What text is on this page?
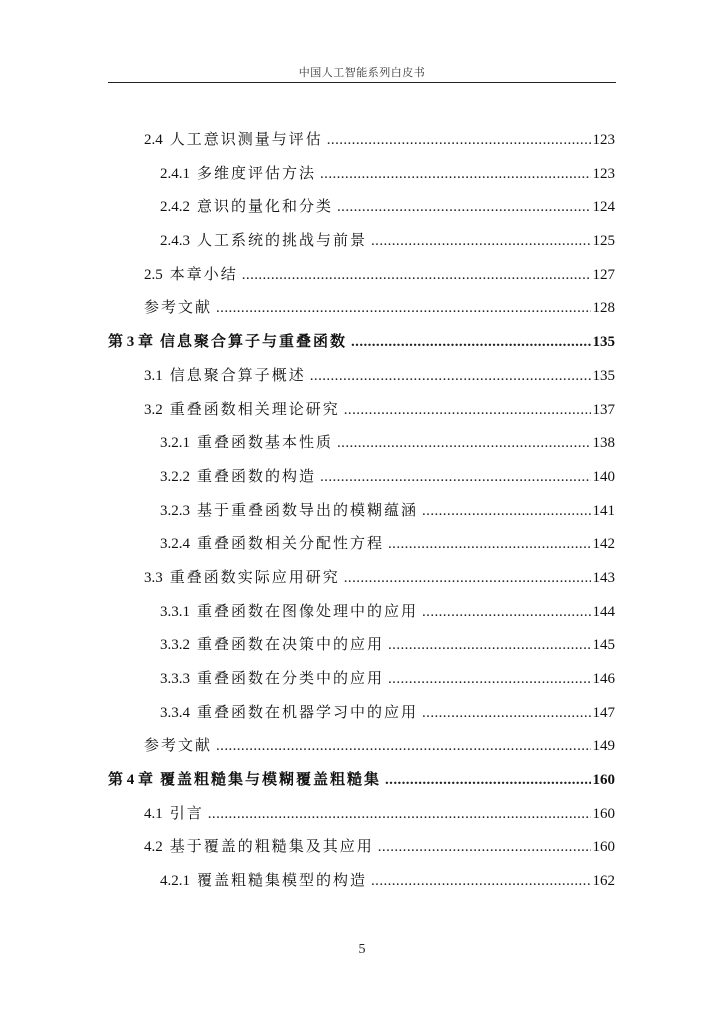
中国人工智能系列白皮书
2.4 人工意识测量与评估 .....	123
2.4.1 多维度评估方法 .....	123
2.4.2 意识的量化和分类 .....	124
2.4.3 人工系统的挑战与前景 .....	125
2.5 本章小结 .....	127
参考文献 .....	128
第 3 章 信息聚合算子与重叠函数 .....	135
3.1 信息聚合算子概述 .....	135
3.2 重叠函数相关理论研究 .....	137
3.2.1 重叠函数基本性质 .....	138
3.2.2 重叠函数的构造 .....	140
3.2.3 基于重叠函数导出的模糊蕴涵 .....	141
3.2.4 重叠函数相关分配性方程 .....	142
3.3 重叠函数实际应用研究 .....	143
3.3.1 重叠函数在图像处理中的应用 .....	144
3.3.2 重叠函数在决策中的应用 .....	145
3.3.3 重叠函数在分类中的应用 .....	146
3.3.4 重叠函数在机器学习中的应用 .....	147
参考文献 .....	149
第 4 章 覆盖粗糙集与模糊覆盖粗糙集 .....	160
4.1 引言 .....	160
4.2 基于覆盖的粗糙集及其应用 .....	160
4.2.1 覆盖粗糙集模型的构造 .....	162
5
